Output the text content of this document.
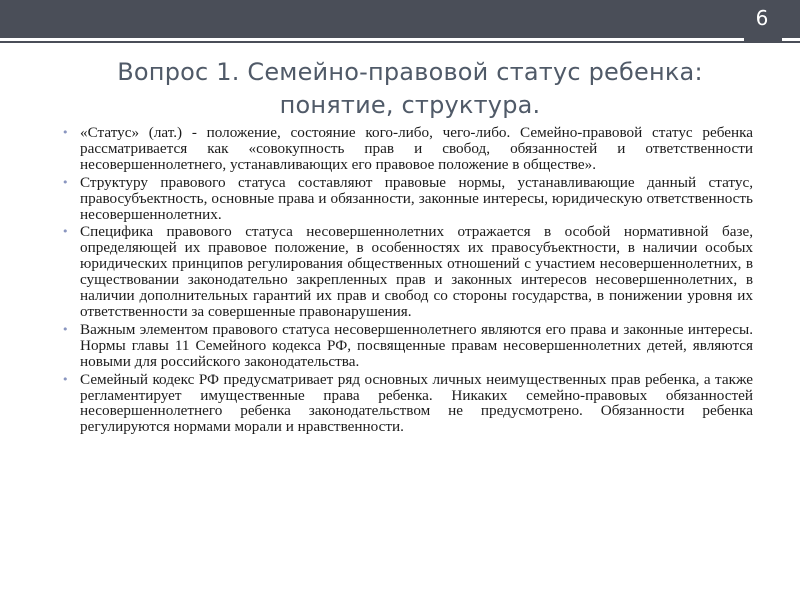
6
Вопрос 1. Семейно-правовой статус ребенка:
понятие, структура.
• «Статус» (лат.) - положение, состояние кого-либо, чего-либо. Семейно-правовой статус ребенка рассматривается как «совокупность прав и свобод, обязанностей и ответственности несовершеннолетнего, устанавливающих его правовое положение в обществе».
• Структуру правового статуса составляют правовые нормы, устанавливающие данный статус, правосубъектность, основные права и обязанности, законные интересы, юридическую ответственность несовершеннолетних.
• Специфика правового статуса несовершеннолетних отражается в особой нормативной базе, определяющей их правовое положение, в особенностях их правосубъектности, в наличии особых юридических принципов регулирования общественных отношений с участием несовершеннолетних, в существовании законодательно закрепленных прав и законных интересов несовершеннолетних, в наличии дополнительных гарантий их прав и свобод со стороны государства, в понижении уровня их ответственности за совершенные правонарушения.
• Важным элементом правового статуса несовершеннолетнего являются его права и законные интересы. Нормы главы 11 Семейного кодекса РФ, посвященные правам несовершеннолетних детей, являются новыми для российского законодательства.
• Семейный кодекс РФ предусматривает ряд основных личных неимущественных прав ребенка, а также регламентирует имущественные права ребенка. Никаких семейно-правовых обязанностей несовершеннолетнего ребенка законодательством не предусмотрено. Обязанности ребенка регулируются нормами морали и нравственности.
